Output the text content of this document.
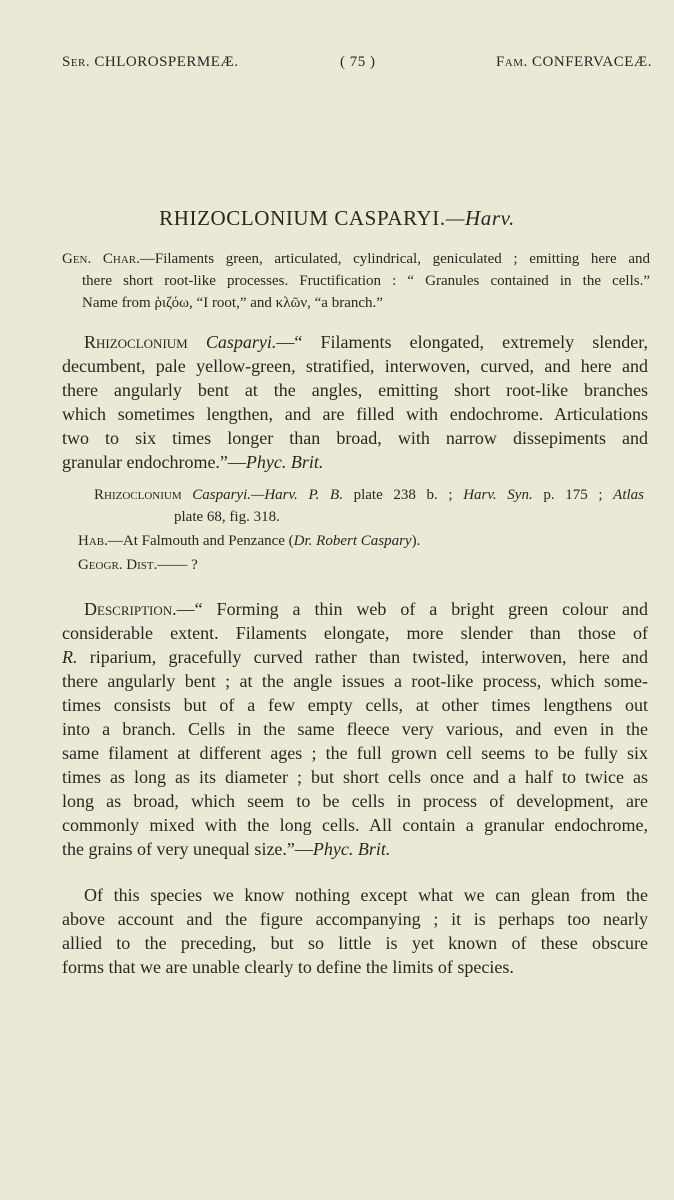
Ser. CHLOROSPERMEÆ.	( 75 )	Fam. CONFERVACEÆ.
RHIZOCLONIUM CASPARYI.—Harv.
Gen. Char.—Filaments green, articulated, cylindrical, geniculated ; emitting here and
there short root-like processes. Fructification : “ Granules contained in the cells.”
Name from ῥιζόω, “I root,” and κλῶν, “a branch.”
Rhizoclonium Casparyi.—“ Filaments elongated, extremely slender,
decumbent, pale yellow-green, stratified, interwoven, curved, and here and
there angularly bent at the angles, emitting short root-like branches
which sometimes lengthen, and are filled with endochrome. Articulations
two to six times longer than broad, with narrow dissepiments and
granular endochrome.”—Phyc. Brit.
Rhizoclonium Casparyi.—Harv. P. B. plate 238 b. ; Harv. Syn. p. 175 ; Atlas
plate 68, fig. 318.
Hab.—At Falmouth and Penzance (Dr. Robert Caspary).
Geogr. Dist.—— ?
Description.—“ Forming a thin web of a bright green colour and
considerable extent. Filaments elongate, more slender than those of
R. riparium, gracefully curved rather than twisted, interwoven, here and
there angularly bent ; at the angle issues a root-like process, which some-
times consists but of a few empty cells, at other times lengthens out
into a branch. Cells in the same fleece very various, and even in the
same filament at different ages ; the full grown cell seems to be fully six
times as long as its diameter ; but short cells once and a half to twice as
long as broad, which seem to be cells in process of development, are
commonly mixed with the long cells. All contain a granular endochrome,
the grains of very unequal size.”—Phyc. Brit.
Of this species we know nothing except what we can glean from the
above account and the figure accompanying ; it is perhaps too nearly
allied to the preceding, but so little is yet known of these obscure
forms that we are unable clearly to define the limits of species.
